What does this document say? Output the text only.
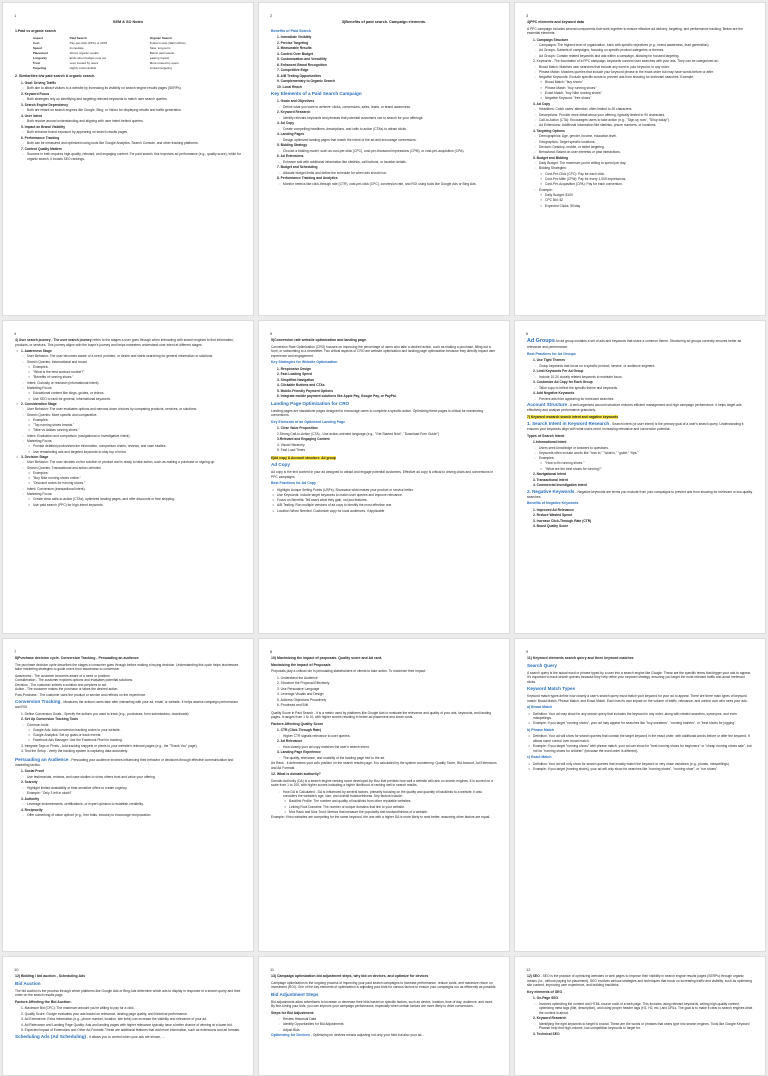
1
SEM & SO Notes
1.Paid vs organic search
Aspect	Paid Search	Organic Search
Cost	Pay-per-click (PPC) or CPM	Indirect costs (SEO efforts)
Speed	Immediate	Slow, long-term
Placement	Above organic results	Below paid results
Longevity	Ends when budget runs out	Lasting impact
Trust	Less trusted by users	More trusted by users
Targeting	Highly customizable	Limited targeting
2. Similarities b/w paid search & organic search.
1. Goal: Driving Traffic
◦ Both aim to attract visitors to a website by increasing its visibility on search engine results pages (SERPs).
2. Keyword Focus
◦ Both strategies rely on identifying and targeting relevant keywords to match user search queries.
3. Search Engine Dependency
◦ Both are reliant on search engines like Google, Bing, or Yahoo for displaying results and traffic generation.
4. User Intent
◦ Both revolve around understanding and aligning with user intent behind queries.
5. Impact on Brand Visibility
◦ Both enhance brand exposure by appearing on search results pages.
6. Performance Tracking
◦ Both can be measured and optimized using tools like Google Analytics, Search Console, and other tracking platforms.
7. Content Quality Matters
◦ Success in both requires high-quality, relevant, and engaging content. For paid search, this improves ad performance (e.g., quality score), while for organic search, it boosts SEO rankings.
2
3)Benefits of paid search. Campaign elements.
Benefits of Paid Search
1. Immediate Visibility
2. Precise Targeting
3. Measurable Results
4. Control Over Budget
5. Customization and Versatility
6. Enhanced Brand Recognition
7. Competitive Edge
8. A/B Testing Opportunities
9. Complementary to Organic Search
10. Local Reach
Key Elements of a Paid Search Campaign
1. Goals and Objectives
◦ Define what you want to achieve: clicks, conversions, sales, leads, or brand awareness.
2. Keyword Research
◦ Identify relevant keywords and phrases that potential customers use to search for your offerings.
3. Ad Copy
◦ Create compelling headlines, descriptions, and calls to action (CTAs) to attract clicks.
4. Landing Pages
◦ Design optimized landing pages that match the intent of the ad and encourage conversions.
5. Bidding Strategy
◦ Choose a bidding model, such as cost-per-click (CPC), cost-per-thousand impressions (CPM), or cost-per-acquisition (CPA).
6. Ad Extensions
◦ Enhance ads with additional information like sitelinks, call buttons, or location details.
7. Budget and Scheduling
◦ Allocate budget limits and define the schedule for when ads should run.
8. Performance Tracking and Analytics
◦ Monitor metrics like click-through rate (CTR), cost-per-click (CPC), conversion rate, and ROI using tools like Google Ads or Bing Ads.
3
4)PPC elements and keyword data
A PPC campaign includes several components that work together to ensure effective ad delivery, targeting, and performance tracking. Below are the essential elements:
1. Campaign Structure
◦ Campaigns: The highest level of organization, each with specific objectives (e.g., brand awareness, lead generation).
◦ Ad Groups: Subsets of campaigns, focusing on specific product categories or themes.
◦ Ad Groups: Contain related keywords and ads within a campaign, allowing for focused targeting.
2. Keywords - The foundation of a PPC campaign, keywords connect user searches with your ads. They can be categorized as:
◦ Broad Match: Matches user searches that include any word in your keyword, in any order.
◦ Phrase Match: Matches queries that include your keyword phrase in the exact order but may have words before or after.
◦ Negative Keywords: Exclude specific words to prevent ads from showing for irrelevant searches. Example:
▪ Broad Match: "buy shoes"
▪ Phrase Match: "buy running shoes"
▪ Exact Match: "buy Nike running shoes"
▪ Negative Keyword: "free shoes"
3. Ad Copy
◦ Headlines: Catch users' attention, often limited to 30 characters.
◦ Descriptions: Provide more detail about your offering, typically limited to 90 characters.
◦ Call-to-Action (CTA): Encourages users to take action (e.g., "Sign up now", "Shop today").
◦ Ad Extensions: Additional information like sitelinks, phone numbers, or locations.
4. Targeting Options
◦ Demographics: Age, gender, income, education level.
◦ Geographics: Target specific locations.
◦ Devices: Desktop, mobile, or tablet targeting.
◦ Behavioral: Based on user interests or past interactions.
5. Budget and Bidding
◦ Daily Budget: The maximum you're willing to spend per day.
◦ Bidding Strategies:
▪ Cost-Per-Click (CPC): Pay for each click.
▪ Cost-Per-Mille (CPM): Pay for every 1,000 impressions.
▪ Cost-Per-Acquisition (CPA): Pay for each conversion.
◦ Example:
▪ Daily Budget: $100
▪ CPC Bid: $2
▪ Expected Clicks: 50/day
4
4) User search journey - The user search journey refers to the stages a user goes through when interacting with search engines to find information, products, or services. This journey aligns with the buyer's journey and helps marketers understand user intent at different stages.
• 1. Awareness Stage
◦ User Behavior: The user becomes aware of a need, problem, or desire and starts searching for general information or solutions.
◦ Search Queries: Informational and broad.
▪ Examples:
▪ "What is the best workout routine?"
▪ "Benefits of running shoes."
◦ Intent: Curiosity or research (informational intent).
◦ Marketing Focus:
▪ Educational content like blogs, guides, or videos.
▪ Use SEO to rank for general, informational keywords.
• 2. Consideration Stage
◦ User Behavior: The user evaluates options and narrows down choices by comparing products, services, or solutions.
◦ Search Queries: More specific and comparative.
▪ Examples:
▪ "Top running shoes brands."
▪ "Nike vs Adidas running shoes."
◦ Intent: Evaluation and comparison (navigational or investigative intent).
◦ Marketing Focus:
▪ Provide detailed product/service information, comparison charts, reviews, and case studies.
▪ Use remarketing ads and targeted keywords to stay top of mind.
• 3. Decision Stage
◦ User Behavior: The user decides on the solution or product and is ready to take action, such as making a purchase or signing up.
◦ Search Queries: Transactional and action-oriented.
▪ Examples:
▪ "Buy Nike running shoes online."
▪ "Discount codes for running shoes."
◦ Intent: Conversion (transactional intent).
◦ Marketing Focus:
▪ Create clear calls-to-action (CTAs), optimized landing pages, and offer discounts or free shipping.
▪ Use paid search (PPC) for high-intent keywords.
5
5)Conversion rate website optimization and landing page.
Conversion Rate Optimization (CRO) focuses on improving the percentage of users who take a desired action, such as making a purchase, filling out a form, or subscribing to a newsletter. Two critical aspects of CRO are website optimization and landing page optimization because they directly impact user experience and engagement.
Key Strategies for Website Optimization
1. Responsive Design
2. Fast Loading Speed
3. Simplified Navigation
4. Clickable Buttons and CTAs
5. Mobile-Friendly Payment Options
6. Integrate mobile payment solutions like Apple Pay, Google Pay, or PayPal.
Landing Page Optimization for CRO
Landing pages are standalone pages designed to encourage users to complete a specific action. Optimizing these pages is critical for maximizing conversions.
Key Elements of an Optimized Landing Page
1. Clear Value Proposition
2.Strong Call-to-Action (CTA) - Use action-oriented language (e.g., "Get Started Now", "Download Free Guide")
3.Relevant and Engaging Content
4. Visual Hierarchy
5. Fast Load Times
6)Ad copy & Account structure. Ad group
Ad Copy
Ad copy is the text content in your ad designed to attract and engage potential customers. Effective ad copy is critical to driving clicks and conversions in PPC campaigns.
Best Practices for Ad Copy
• Highlight Unique Selling Points (USPs): Showcase what makes your product or service better.
• Use Keywords: Include target keywords to match user queries and improve relevance.
• Focus on Benefits: Tell users what they gain, not just features.
• A/B Testing: Run multiple versions of ad copy to identify the most effective one.
• Location When Needed: Customize copy for local audiences, if applicable
6
Ad Groups An ad group contains a set of ads and keywords that share a common theme. Structuring ad groups correctly ensures better ad relevance and performance.
Best Practices for Ad Groups
1. Use Tight Themes
◦ Group keywords that focus on a specific product, service, or audience segment.
2. Limit Keywords Per Ad Group
◦ Include 10-20 closely related keywords to maintain focus.
3. Customize Ad Copy for Each Group
◦ Tailor copy to reflect the specific theme and keywords.
4. Add Negative Keywords
◦ Prevent ads from appearing for irrelevant searches.
Account Structure - A well-organized account structure ensures efficient management and high campaign performance. It helps target ads effectively and analyze performance granularly.
7) Keyword research search intent and negative keywords
1. Search Intent in Keyword Research - Search intent (or user intent) is the primary goal of a user's search query. Understanding it ensures your keywords align with what users need, increasing relevance and conversion potential.
Types of Search Intent
1.Informational Intent
◦ Users seek knowledge or answers to questions.
◦ Keywords often include words like "how to," "what is," "guide," "tips."
◦ Examples:
▪ "How to fix running shoes."
▪ "What are the best shoes for running?"
2. Navigational Intent
3. Transactional Intent
4. Commercial Investigation Intent
2. Negative Keywords - Negative keywords are terms you exclude from your campaigns to prevent ads from showing for irrelevant or low-quality searches.
Benefits of Negative Keywords
1. Improved Ad Relevance
2. Reduce Wasted Spend
3. Increase Click-Through Rate (CTR)
4. Boost Quality Score
7
8)Purchase decision cycle. Conversion Tracking - Persuading an audience
The purchase decision cycle describes the stages a consumer goes through before making a buying decision. Understanding this cycle helps businesses tailor marketing strategies to guide users from awareness to conversion.
Awareness - The customer becomes aware of a need or problem.
Consideration - The customer explores options and evaluates potential solutions.
Decision - The customer selects a solution and prepares to act.
Action - The customer makes the purchase or takes the desired action.
Post-Purchase - The customer uses the product or service and reflects on the experience.
Conversion Tracking - Measures the actions users take after interacting with your ad, email, or website. It helps assess campaign performance and ROI.
1. Define Conversion Goals - Specify the actions you want to track (e.g., purchases, form submissions, downloads).
2. Set Up Conversion Tracking Tools
◦ Common tools:
▪ Google Ads: Add conversion tracking codes to your website.
▪ Google Analytics: Set up goals or track events.
▪ Facebook Ads Manager: Use the Facebook Pixel for tracking.
3. Integrate Tags or Pixels - Add tracking snippets or pixels to your website's relevant pages (e.g., the "Thank You" page).
4. Test the Setup - Verify the tracking system is capturing data accurately.
Persuading an Audience - Persuading your audience involves influencing their behavior or decisions through effective communication and marketing tactics.
1. Social Proof
◦ Use testimonials, reviews, and case studies to show others trust and value your offering.
2. Scarcity
◦ Highlight limited availability or time-sensitive offers to create urgency.
◦ Example: "Only 3 left in stock!"
3. Authority
◦ Leverage endorsements, certifications, or expert opinions to establish credibility.
4. Reciprocity
◦ Offer something of value upfront (e.g., free trials, ebooks) to encourage reciprocation.
8
10) Maximizing the impact of proposals. Quality score and Ad rank
Maximizing the Impact of Proposals
Proposals play a critical role in persuading stakeholders or clients to take action. To maximize their impact:
1. Understand the Audience
2. Structure the Proposal Effectively
3. Use Persuasive Language
4. Leverage Visuals and Design
5. Address Objections Proactively
6. Proofread and Edit
Quality Score in Paid Search - It is a metric used by platforms like Google Ads to evaluate the relevance and quality of your ads, keywords, and landing pages. It ranges from 1 to 10, with higher scores resulting in better ad placement and lower costs.
Factors Affecting Quality Score
1. CTR (Click-Through Rate)
◦ Higher CTR signals relevance to user queries.
2. Ad Relevance
◦ How closely your ad copy matches the user's search intent.
3. Landing Page Experience
◦ The quality, relevance, and usability of the landing page tied to the ad.
Ad Rank - It determines your ad's position on the search results page. It is calculated by the system considering: Quality Score, Bid Amount, Ad Extensions and Ad Formats.
12. What is domain authority?
Domain Authority (DA) is a search engine ranking score developed by Moz that predicts how well a website will rank on search engines. It is scored on a scale from 1 to 100, with higher scores indicating a higher likelihood of ranking well in search results.
◦ How DA is Calculated - DA is influenced by several factors, primarily focusing on the quality and quantity of backlinks to a website. It also considers the website's age, size, and overall trustworthiness. Key factors include:
▪ Backlink Profile: The number and quality of backlinks from other reputable websites.
▪ Linking Root Domains: The number of unique domains that link to your website.
▪ Moz Rank and Moz Trust: Metrics that measure the popularity and trustworthiness of a website.
Example: If two websites are competing for the same keyword, the one with a higher DA is more likely to rank better, assuming other factors are equal.
9
11) Keyword elements search query and three keyword matches
Search Query
A search query is the actual word or phrase typed by a user into a search engine like Google. These are the specific terms that trigger your ads to appear. It's important to track search queries because they help refine your keyword strategy, ensuring you target the most relevant traffic and avoid irrelevant clicks.
Keyword Match Types
Keyword match types define how closely a user's search query must match your keyword for your ad to appear. There are three main types of keyword match: Broad Match, Phrase Match, and Exact Match. Each has its own impact on the volume of traffic, relevance, and control over who sees your ads.
a) Broad Match
• Definition: Your ad may show for any search query that includes the keyword in any order, along with related searches, synonyms, and even misspellings.
• Example: If you target "running shoes", your ad may appear for searches like "buy sneakers", "running trainers", or "best shoes for jogging".
b) Phrase Match
• Definition: Your ad will show for search queries that contain the target keyword in the exact order, with additional words before or after the keyword. It allows some control over broad match.
• Example: If you target "running shoes" with phrase match, your ad can show for "best running shoes for beginners" or "cheap running shoes sale", but not for "running shoes for children" (because the word order is different).
c) Exact Match
• Definition: Your ad will only show for search queries that exactly match the keyword or very close variations (e.g., plurals, misspellings).
• Example: If you target [running shoes], your ad will only show for searches like "running shoes", "running shoe", or "run shoes".
10
12) Bidding / bid auction - Scheduling Ads
Bid Auction
The bid auction is the process through which platforms like Google Ads or Bing Ads determine which ads to display in response to a search query and their order on the search results page.
Factors Affecting the Bid Auction:
1. Maximum Bid (CPC): The maximum amount you're willing to pay for a click.
2. Quality Score: Google evaluates your ads based on relevance, landing page quality, and historical performance.
3. Ad Extensions: Extra information (e.g., phone number, location, site links) can increase the visibility and relevance of your ad.
4. Ad Relevance and Landing Page Quality: Ads and landing pages with higher relevance typically have a better chance of winning at a lower bid.
5. Expected Impact of Extensions and Other Ad Formats: These are additional features that add more information, such as extensions and ad formats.
Scheduling Ads (Ad Scheduling) - It allows you to control when your ads are shown, ...
11
13) Campaign optimization bid adjustment steps, why bid on devices, and optimize for devices
Campaign optimization is the ongoing process of improving your paid search campaigns to increase performance, reduce costs, and maximize return on investment (ROI). One of the key elements of optimization is adjusting your bids for various factors to ensure your campaigns run as efficiently as possible.
Bid Adjustment Steps
Bid adjustments allow advertisers to increase or decrease their bids based on specific factors, such as device, location, time of day, audience, and more. By fine-tuning your bids, you can improve your campaign performance, especially when certain factors are more likely to drive conversions.
Steps for Bid Adjustment:
◦ Review Historical Data
◦ Identify Opportunities for Bid Adjustments
◦ Adjust Bids
Optimizing for Devices - Optimizing for devices means adjusting not only your bids but also your ad...
12
12) SEO - SEO is the practice of optimizing websites or web pages to improve their visibility in search engine results pages (SERPs) through organic means (i.e., without paying for placement). SEO involves various strategies and techniques that focus on increasing traffic and visibility, such as optimizing site content, improving user experience, and building backlinks.
Key elements of SEO
1. On-Page SEO
◦ Involves optimizing the content and HTML source code of a web page. This includes using relevant keywords, writing high-quality content, optimizing meta tags (title, description), and using proper header tags (H1, H2, etc.) and URLs. The goal is to make it clear to search engines what the content is about.
2. Keyword Research
◦ Identifying the right keywords to target is crucial. These are the words or phrases that users type into search engines. Tools like Google Keyword Planner help find high-volume, low-competition keywords to target for.
3. Technical SEO
